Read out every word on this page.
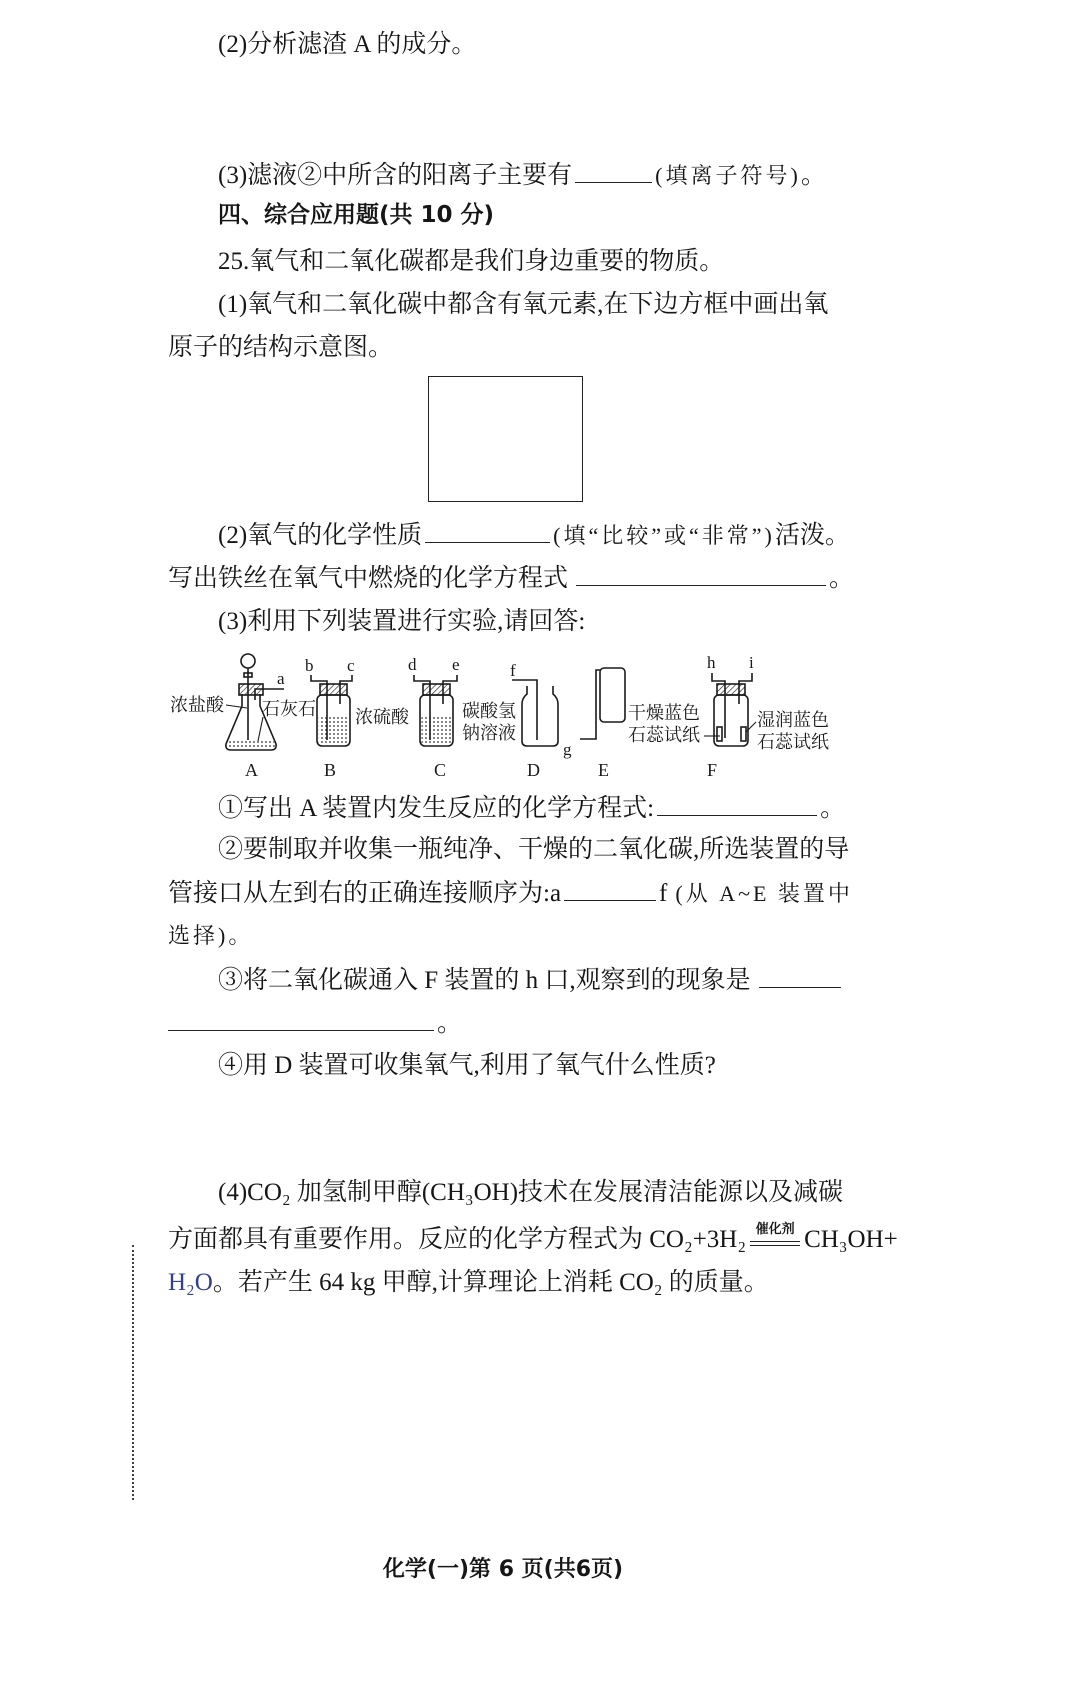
(2)分析滤渣 A 的成分。
(3)滤液②中所含的阳离子主要有	(填离子符号)。
四、综合应用题(共 10 分)
25.氧气和二氧化碳都是我们身边重要的物质。
(1)氧气和二氧化碳中都含有氧元素,在下边方框中画出氧
原子的结构示意图。
(2)氧气的化学性质	(填“比较”或“非常”)活泼。
写出铁丝在氧气中燃烧的化学方程式	。
(3)利用下列装置进行实验,请回答:
浓盐酸 石灰石 浓硫酸	碳酸氢
钠溶液
干燥蓝色
石蕊试纸
湿润蓝色
石蕊试纸
a
b c	d e	f
g
h i
A	B	C	D	E	F
①写出 A 装置内发生反应的化学方程式:	。
②要制取并收集一瓶纯净、干燥的二氧化碳,所选装置的导
管接口从左到右的正确连接顺序为:a	f (从 A~E 装置中
选择)。
③将二氧化碳通入 F 装置的 h 口,观察到的现象是
。
④用 D 装置可收集氧气,利用了氧气什么性质?
(4)CO₂ 加氢制甲醇(CH₃OH)技术在发展清洁能源以及减碳
方面都具有重要作用。反应的化学方程式为 CO₂+3H₂ 催化剂 CH₃OH+
H₂O。若产生 64 kg 甲醇,计算理论上消耗 CO₂ 的质量。
化学(一)第 6 页(共6页)
